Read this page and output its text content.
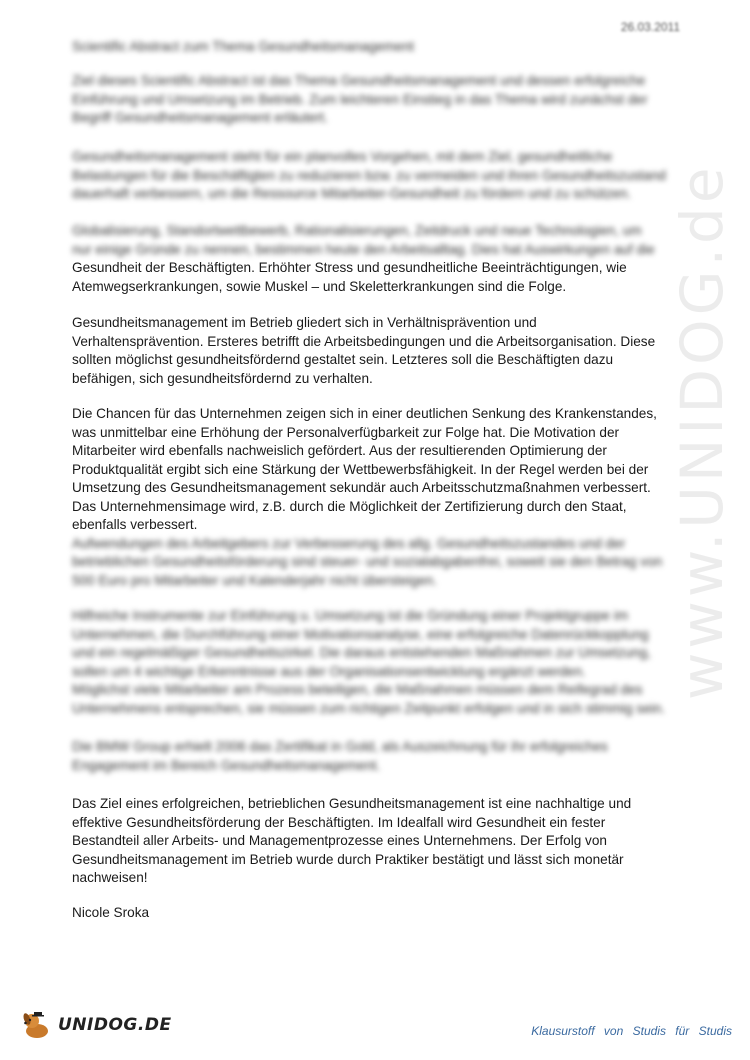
26.03.2011

Scientific Abstract zum Thema Gesundheitsmanagement

Ziel dieses Scientific Abstract ist das Thema Gesundheitsmanagement und dessen erfolgreiche
Einführung und Umsetzung im Betrieb. Zum leichteren Einstieg in das Thema wird zunächst der
Begriff Gesundheitsmanagement erläutert.

Gesundheitsmanagement steht für ein planvolles Vorgehen, mit dem Ziel, gesundheitliche
Belastungen für die Beschäftigten zu reduzieren bzw. zu vermeiden und ihren Gesundheitszustand
dauerhaft verbessern, um die Ressource Mitarbeiter-Gesundheit zu fördern und zu schützen.

Globalisierung, Standortwettbewerb, Rationalisierungen, Zeitdruck und neue Technologien, um
nur einige Gründe zu nennen, bestimmen heute den Arbeitsalltag. Dies hat Auswirkungen auf die
Gesundheit der Beschäftigten. Erhöhter Stress und gesundheitliche Beeinträchtigungen, wie
Atemwegserkrankungen, sowie Muskel – und Skeletterkrankungen sind die Folge.

Gesundheitsmanagement im Betrieb gliedert sich in Verhältnisprävention und
Verhaltensprävention. Ersteres betrifft die Arbeitsbedingungen und die Arbeitsorganisation. Diese
sollten möglichst gesundheitsfördernd gestaltet sein. Letzteres soll die Beschäftigten dazu
befähigen, sich gesundheitsfördernd zu verhalten.

Die Chancen für das Unternehmen zeigen sich in einer deutlichen Senkung des Krankenstandes,
was unmittelbar eine Erhöhung der Personalverfügbarkeit zur Folge hat. Die Motivation der
Mitarbeiter wird ebenfalls nachweislich gefördert. Aus der resultierenden Optimierung der
Produktqualität ergibt sich eine Stärkung der Wettbewerbsfähigkeit. In der Regel werden bei der
Umsetzung des Gesundheitsmanagement sekundär auch Arbeitsschutzmaßnahmen verbessert.
Das Unternehmensimage wird, z.B. durch die Möglichkeit der Zertifizierung durch den Staat,
ebenfalls verbessert.
Aufwendungen des Arbeitgebers zur Verbesserung des allg. Gesundheitszustandes und der
betrieblichen Gesundheitsförderung sind steuer- und sozialabgabenfrei, soweit sie den Betrag von
500 Euro pro Mitarbeiter und Kalenderjahr nicht übersteigen.

Hilfreiche Instrumente zur Einführung u. Umsetzung ist die Gründung einer Projektgruppe im
Unternehmen, die Durchführung einer Motivationsanalyse, eine erfolgreiche Datenrückkopplung
und ein regelmäßiger Gesundheitszirkel. Die daraus entstehenden Maßnahmen zur Umsetzung,
sollen um 4 wichtige Erkenntnisse aus der Organisationsentwicklung ergänzt werden.
Möglichst viele Mitarbeiter am Prozess beteiligen, die Maßnahmen müssen dem Reifegrad des
Unternehmens entsprechen, sie müssen zum richtigen Zeitpunkt erfolgen und in sich stimmig sein.

Die BMW Group erhielt 2006 das Zertifikat in Gold, als Auszeichnung für ihr erfolgreiches
Engagement im Bereich Gesundheitsmanagement.

Das Ziel eines erfolgreichen, betrieblichen Gesundheitsmanagement ist eine nachhaltige und
effektive Gesundheitsförderung der Beschäftigten. Im Idealfall wird Gesundheit ein fester
Bestandteil aller Arbeits- und Managementprozesse eines Unternehmens. Der Erfolg von
Gesundheitsmanagement im Betrieb wurde durch Praktiker bestätigt und lässt sich monetär
nachweisen!

Nicole Sroka

www.UNIDOG.de
UNIDOG.DE	Klausurstoff von Studis für Studis
